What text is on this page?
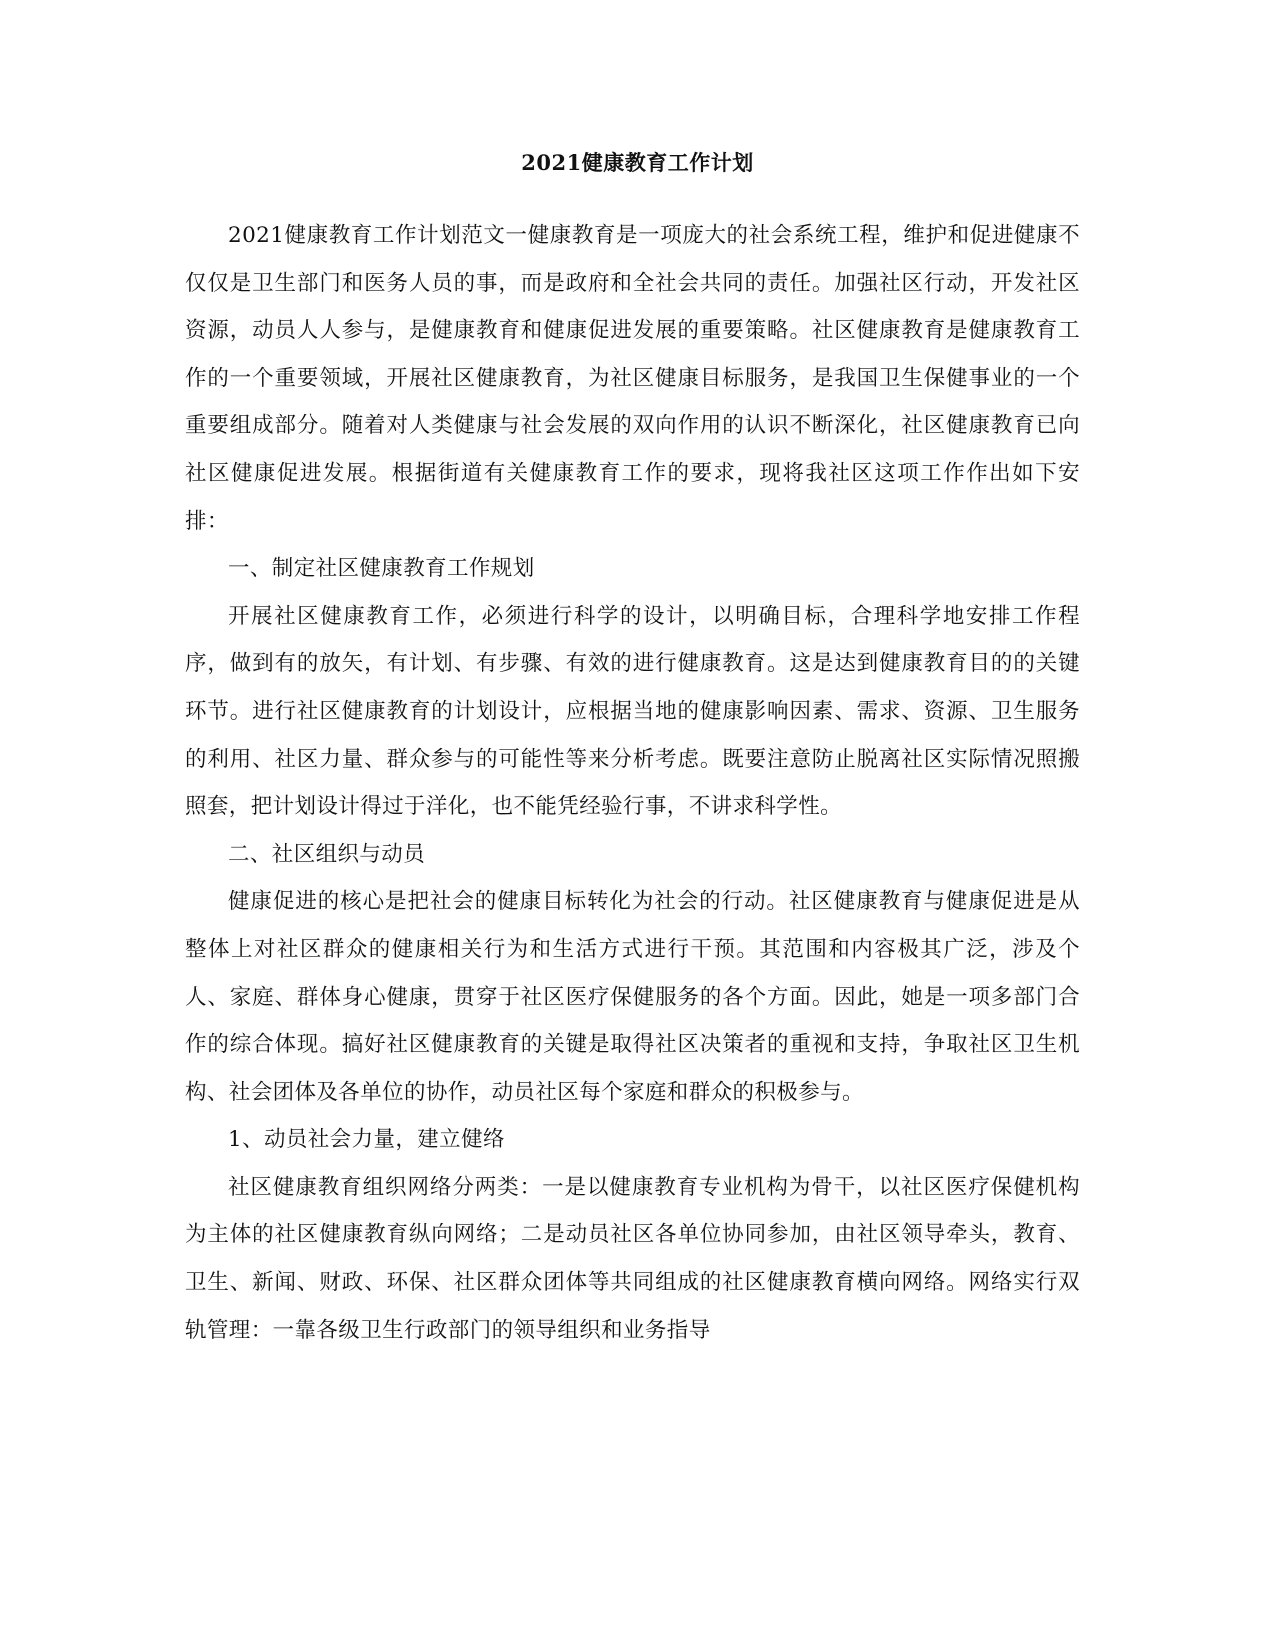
2021健康教育工作计划

2021健康教育工作计划范文一健康教育是一项庞大的社会系统工程，维护和促进健康不仅仅是卫生部门和医务人员的事，而是政府和全社会共同的责任。加强社区行动，开发社区资源，动员人人参与，是健康教育和健康促进发展的重要策略。社区健康教育是健康教育工作的一个重要领域，开展社区健康教育，为社区健康目标服务，是我国卫生保健事业的一个重要组成部分。随着对人类健康与社会发展的双向作用的认识不断深化，社区健康教育已向社区健康促进发展。根据街道有关健康教育工作的要求，现将我社区这项工作作出如下安排：

一、制定社区健康教育工作规划

开展社区健康教育工作，必须进行科学的设计，以明确目标，合理科学地安排工作程序，做到有的放矢，有计划、有步骤、有效的进行健康教育。这是达到健康教育目的的关键环节。进行社区健康教育的计划设计，应根据当地的健康影响因素、需求、资源、卫生服务的利用、社区力量、群众参与的可能性等来分析考虑。既要注意防止脱离社区实际情况照搬照套，把计划设计得过于洋化，也不能凭经验行事，不讲求科学性。

二、社区组织与动员

健康促进的核心是把社会的健康目标转化为社会的行动。社区健康教育与健康促进是从整体上对社区群众的健康相关行为和生活方式进行干预。其范围和内容极其广泛，涉及个人、家庭、群体身心健康，贯穿于社区医疗保健服务的各个方面。因此，她是一项多部门合作的综合体现。搞好社区健康教育的关键是取得社区决策者的重视和支持，争取社区卫生机构、社会团体及各单位的协作，动员社区每个家庭和群众的积极参与。

1、动员社会力量，建立健络

社区健康教育组织网络分两类：一是以健康教育专业机构为骨干，以社区医疗保健机构为主体的社区健康教育纵向网络；二是动员社区各单位协同参加，由社区领导牵头，教育、卫生、新闻、财政、环保、社区群众团体等共同组成的社区健康教育横向网络。网络实行双轨管理：一靠各级卫生行政部门的领导组织和业务指导
